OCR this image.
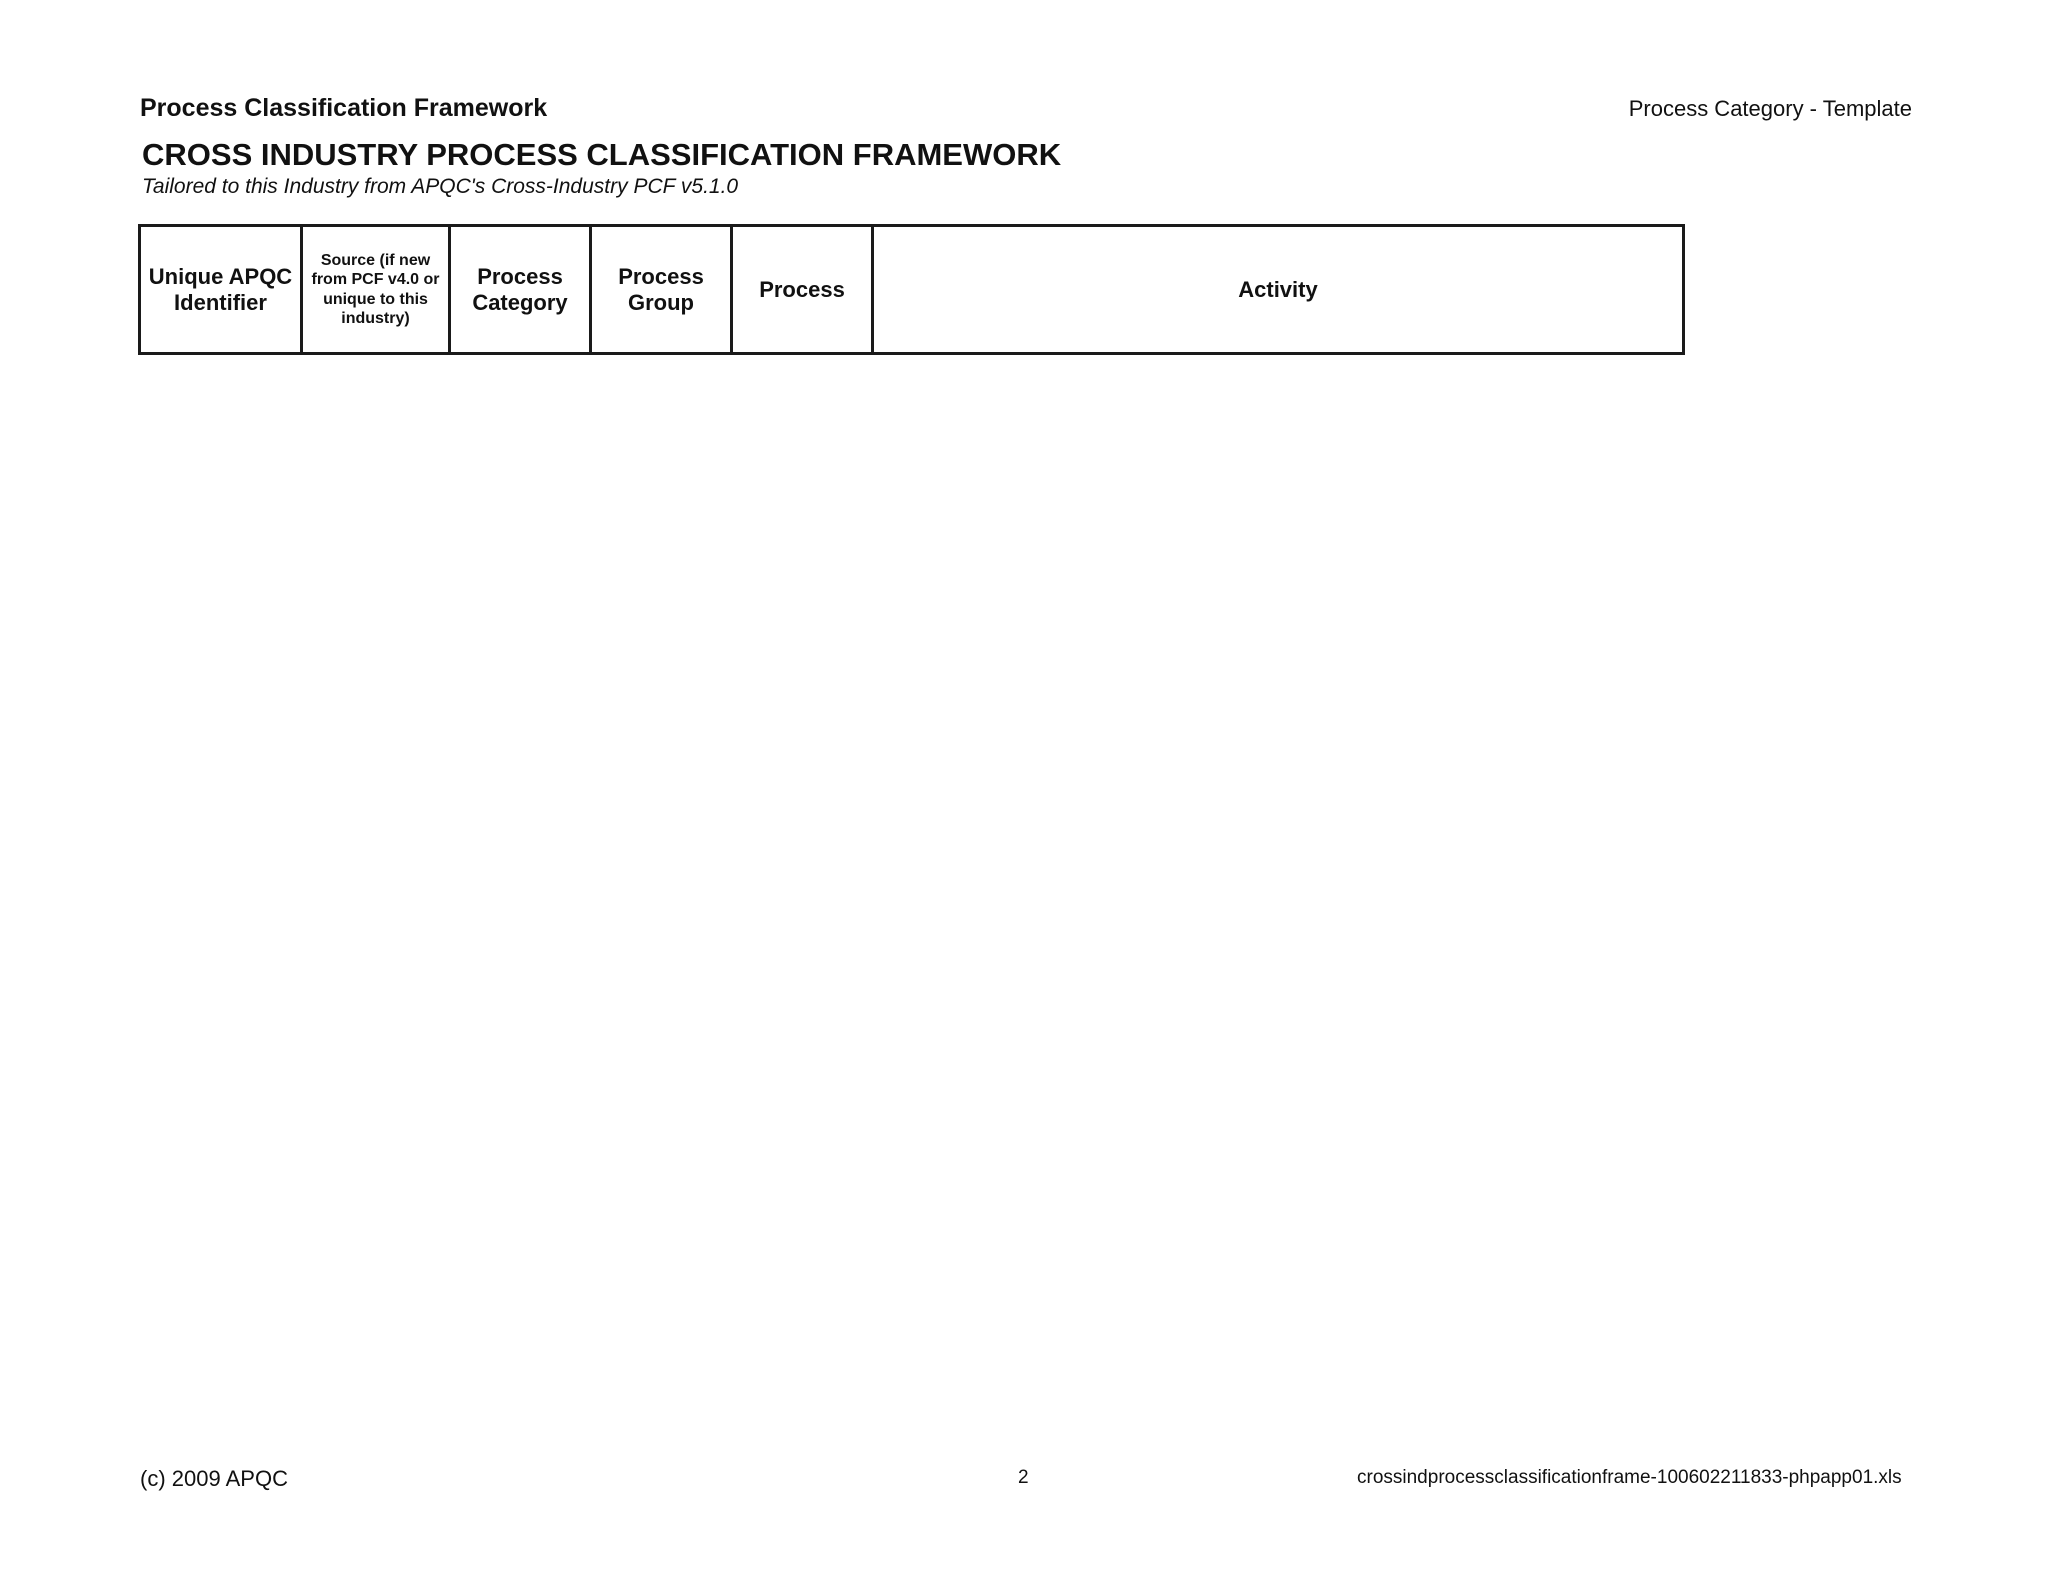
Process Classification Framework	Process Category - Template
CROSS INDUSTRY PROCESS CLASSIFICATION FRAMEWORK
Tailored to this Industry from APQC's Cross-Industry PCF v5.1.0
Unique APQC Identifier	Source (if new from PCF v4.0 or unique to this industry)	Process Category	Process Group	Process	Activity
(c) 2009 APQC	2	crossindprocessclassificationframe-100602211833-phpapp01.xls
